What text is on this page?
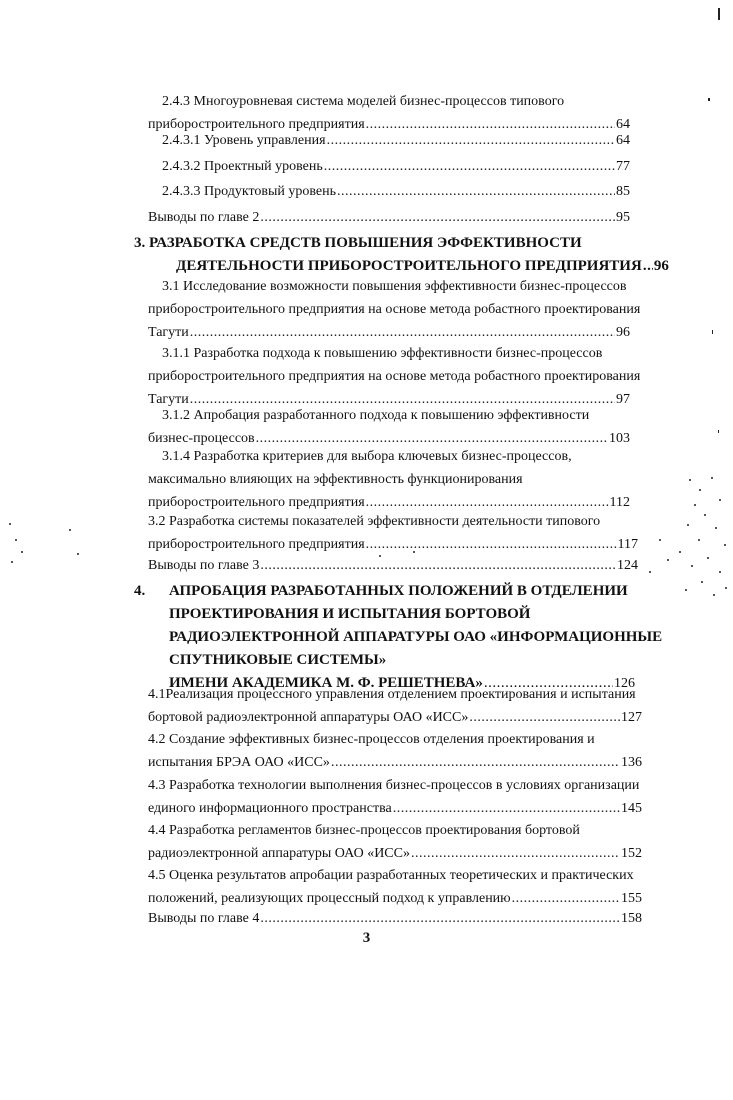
2.4.3 Многоуровневая система моделей бизнес-процессов типового
приборостроительного предприятия .....	64
2.4.3.1 Уровень управления .....	64
2.4.3.2 Проектный уровень .....	77
2.4.3.3 Продуктовый уровень .....	85
Выводы по главе 2 .....	95
3. РАЗРАБОТКА СРЕДСТВ ПОВЫШЕНИЯ ЭФФЕКТИВНОСТИ
ДЕЯТЕЛЬНОСТИ ПРИБОРОСТРОИТЕЛЬНОГО ПРЕДПРИЯТИЯ ..... 96
3.1 Исследование возможности повышения эффективности бизнес-процессов
приборостроительного предприятия на основе метода робастного проектирования
Тагути .....	96
3.1.1 Разработка подхода к повышению эффективности бизнес-процессов
приборостроительного предприятия на основе метода робастного проектирования
Тагути .....	97
3.1.2 Апробация разработанного подхода к повышению эффективности
бизнес-процессов .....	103
3.1.4 Разработка критериев для выбора ключевых бизнес-процессов,
максимально влияющих на эффективность функционирования
приборостроительного предприятия .....	112
3.2 Разработка системы показателей эффективности деятельности типового
приборостроительного предприятия .....	117
Выводы по главе 3 .....	124
4. АПРОБАЦИЯ РАЗРАБОТАННЫХ ПОЛОЖЕНИЙ В ОТДЕЛЕНИИ
ПРОЕКТИРОВАНИЯ И ИСПЫТАНИЯ БОРТОВОЙ
РАДИОЭЛЕКТРОННОЙ АППАРАТУРЫ ОАО «ИНФОРМАЦИОННЫЕ
СПУТНИКОВЫЕ СИСТЕМЫ»
ИМЕНИ АКАДЕМИКА М. Ф. РЕШЕТНЕВА» .....	126
4.1Реализация процессного управления отделением проектирования и испытания
бортовой радиоэлектронной аппаратуры ОАО «ИСС» .....	127
4.2 Создание эффективных бизнес-процессов отделения проектирования и
испытания БРЭА ОАО «ИСС» .....	136
4.3 Разработка технологии выполнения бизнес-процессов в условиях организации
единого информационного пространства .....	145
4.4 Разработка регламентов бизнес-процессов проектирования бортовой
радиоэлектронной аппаратуры ОАО «ИСС» .....	152
4.5 Оценка результатов апробации разработанных теоретических и практических
положений, реализующих процессный подход к управлению .....	155
Выводы по главе 4 .....	158
3
